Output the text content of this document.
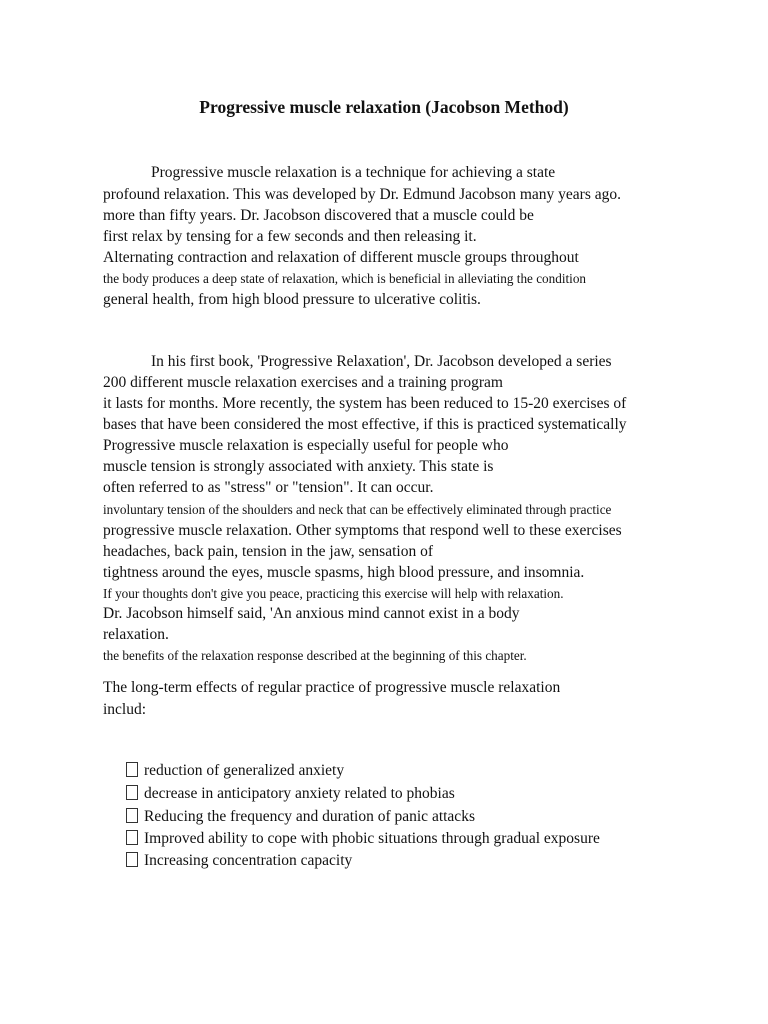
Progressive muscle relaxation (Jacobson Method)

Progressive muscle relaxation is a technique for achieving a state

profound relaxation. This was developed by Dr. Edmund Jacobson many years ago.

more than fifty years. Dr. Jacobson discovered that a muscle could be

first relax by tensing for a few seconds and then releasing it.

Alternating contraction and relaxation of different muscle groups throughout

the body produces a deep state of relaxation, which is beneficial in alleviating the condition

general health, from high blood pressure to ulcerative colitis.

In his first book, 'Progressive Relaxation', Dr. Jacobson developed a series

200 different muscle relaxation exercises and a training program

it lasts for months. More recently, the system has been reduced to 15-20 exercises of

bases that have been considered the most effective, if this is practiced systematically

Progressive muscle relaxation is especially useful for people who

muscle tension is strongly associated with anxiety. This state is

often referred to as "stress" or "tension". It can occur.

involuntary tension of the shoulders and neck that can be effectively eliminated through practice

progressive muscle relaxation. Other symptoms that respond well to these exercises

headaches, back pain, tension in the jaw, sensation of

tightness around the eyes, muscle spasms, high blood pressure, and insomnia.

If your thoughts don't give you peace, practicing this exercise will help with relaxation.

Dr. Jacobson himself said, 'An anxious mind cannot exist in a body

relaxation.

the benefits of the relaxation response described at the beginning of this chapter.

The long-term effects of regular practice of progressive muscle relaxation

includ:

reduction of generalized anxiety
decrease in anticipatory anxiety related to phobias
Reducing the frequency and duration of panic attacks
Improved ability to cope with phobic situations through gradual exposure
Increasing concentration capacity
